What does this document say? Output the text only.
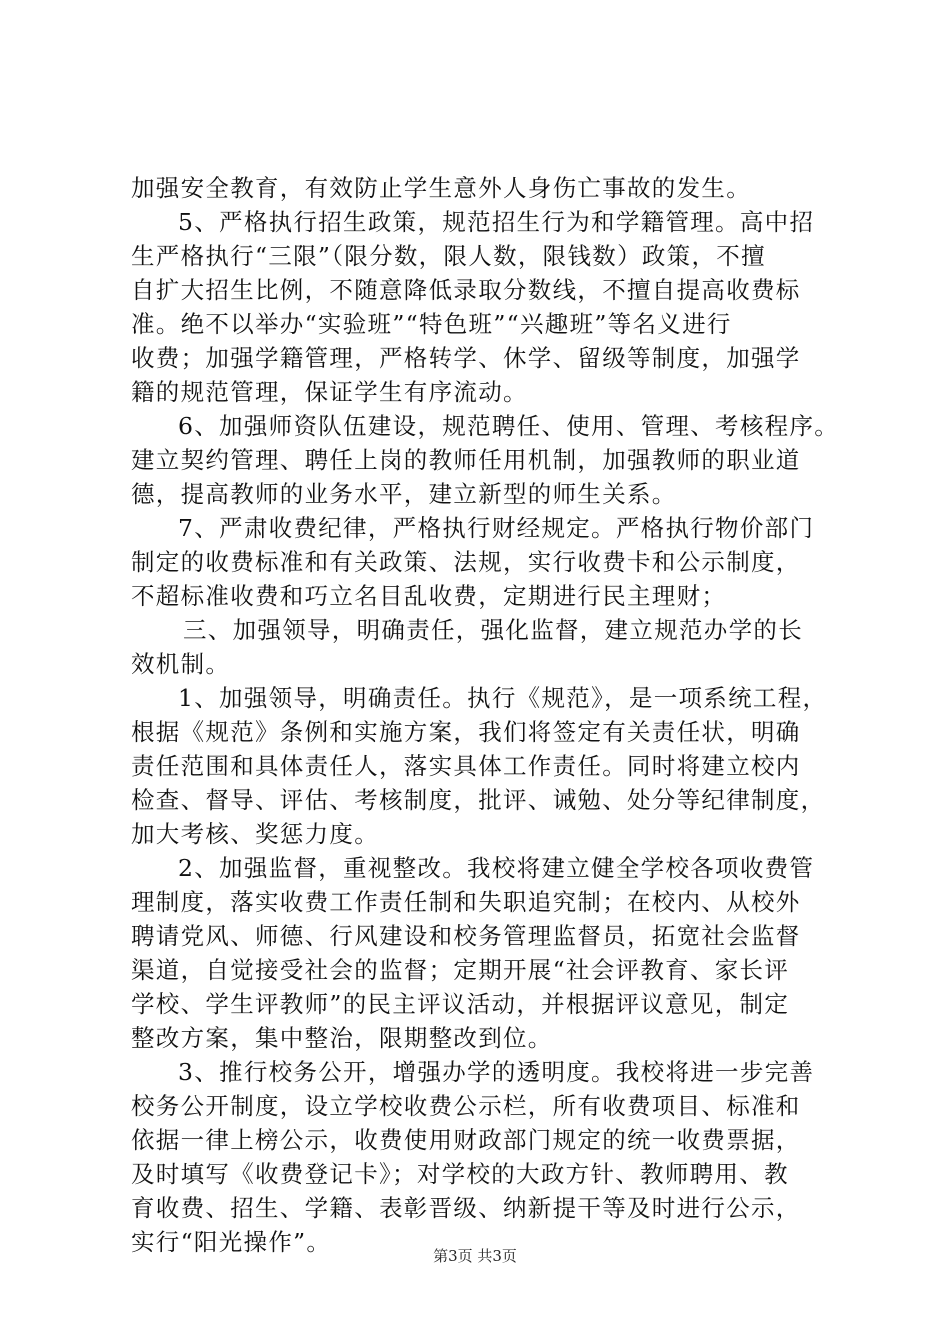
加强安全教育，有效防止学生意外人身伤亡事故的发生。
5、严格执行招生政策，规范招生行为和学籍管理。高中招
生严格执行“三限”（限分数，限人数，限钱数）政策，不擅
自扩大招生比例，不随意降低录取分数线，不擅自提高收费标
准。绝不以举办“实验班”“特色班”“兴趣班”等名义进行
收费；加强学籍管理，严格转学、休学、留级等制度，加强学
籍的规范管理，保证学生有序流动。
6、加强师资队伍建设，规范聘任、使用、管理、考核程序。
建立契约管理、聘任上岗的教师任用机制，加强教师的职业道
德，提高教师的业务水平，建立新型的师生关系。
7、严肃收费纪律，严格执行财经规定。严格执行物价部门
制定的收费标准和有关政策、法规，实行收费卡和公示制度，
不超标准收费和巧立名目乱收费，定期进行民主理财；
三、加强领导，明确责任，强化监督，建立规范办学的长
效机制。
1、加强领导，明确责任。执行《规范》，是一项系统工程，
根据《规范》条例和实施方案，我们将签定有关责任状，明确
责任范围和具体责任人，落实具体工作责任。同时将建立校内
检查、督导、评估、考核制度，批评、诫勉、处分等纪律制度，
加大考核、奖惩力度。
2、加强监督，重视整改。我校将建立健全学校各项收费管
理制度，落实收费工作责任制和失职追究制；在校内、从校外
聘请党风、师德、行风建设和校务管理监督员，拓宽社会监督
渠道，自觉接受社会的监督；定期开展“社会评教育、家长评
学校、学生评教师”的民主评议活动，并根据评议意见，制定
整改方案，集中整治，限期整改到位。
3、推行校务公开，增强办学的透明度。我校将进一步完善
校务公开制度，设立学校收费公示栏，所有收费项目、标准和
依据一律上榜公示，收费使用财政部门规定的统一收费票据，
及时填写《收费登记卡》；对学校的大政方针、教师聘用、教
育收费、招生、学籍、表彰晋级、纳新提干等及时进行公示，
实行“阳光操作”。	第3页 共3页
